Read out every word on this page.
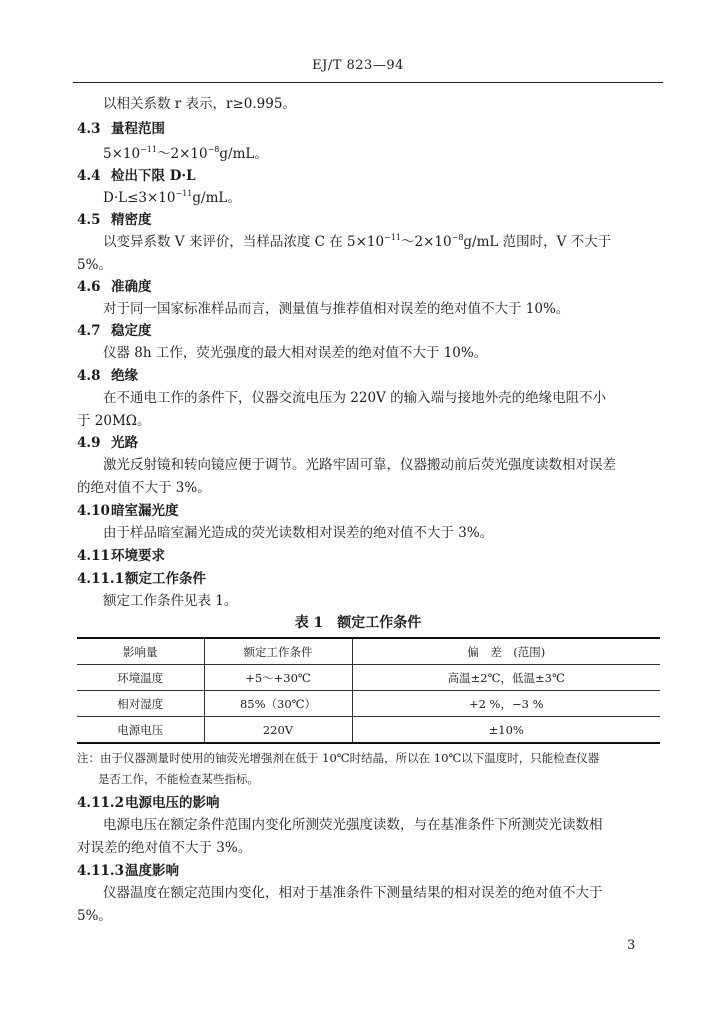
EJ/T 823—94
以相关系数 r 表示，r≥0.995。
4.3 量程范围
$5\times 10^{-11}\sim 2\times 10^{-8}g/mL$。
4.4 检出下限 D·L
$D\cdot L\le 3\times 10^{-11}g/mL$。
4.5 精密度
以变异系数 V 来评价，当样品浓度 C 在 $5\times 10^{-11}\sim 2\times 10^{-8}g/mL$ 范围时，V 不大于
5%。
4.6 准确度
对于同一国家标准样品而言，测量值与推荐值相对误差的绝对值不大于 10%。
4.7 稳定度
仪器 8h 工作，荧光强度的最大相对误差的绝对值不大于 10%。
4.8 绝缘
在不通电工作的条件下，仪器交流电压为 220V 的输入端与接地外壳的绝缘电阻不小
于 20MΩ。
4.9 光路
激光反射镜和转向镜应便于调节。光路牢固可靠，仪器搬动前后荧光强度读数相对误差
的绝对值不大于 3%。
4.10暗室漏光度
由于样品暗室漏光造成的荧光读数相对误差的绝对值不大于 3%。
4.11环境要求
4.11.1额定工作条件
额定工作条件见表 1。
表 1　额定工作条件
影响量	额定工作条件	偏　差　(范围)
环境温度	+5～+30℃	高温±2℃，低温±3℃
相对湿度	85%（30℃）	+2 %，−3 %
电源电压	220V	±10%
注：由于仪器测量时使用的铀荧光增强剂在低于 10℃时结晶，所以在 10℃以下温度时，只能检查仪器
是否工作，不能检查某些指标。
4.11.2电源电压的影响
电源电压在额定条件范围内变化所测荧光强度读数，与在基准条件下所测荧光读数相
对误差的绝对值不大于 3%。
4.11.3温度影响
仪器温度在额定范围内变化，相对于基准条件下测量结果的相对误差的绝对值不大于
5%。
3
